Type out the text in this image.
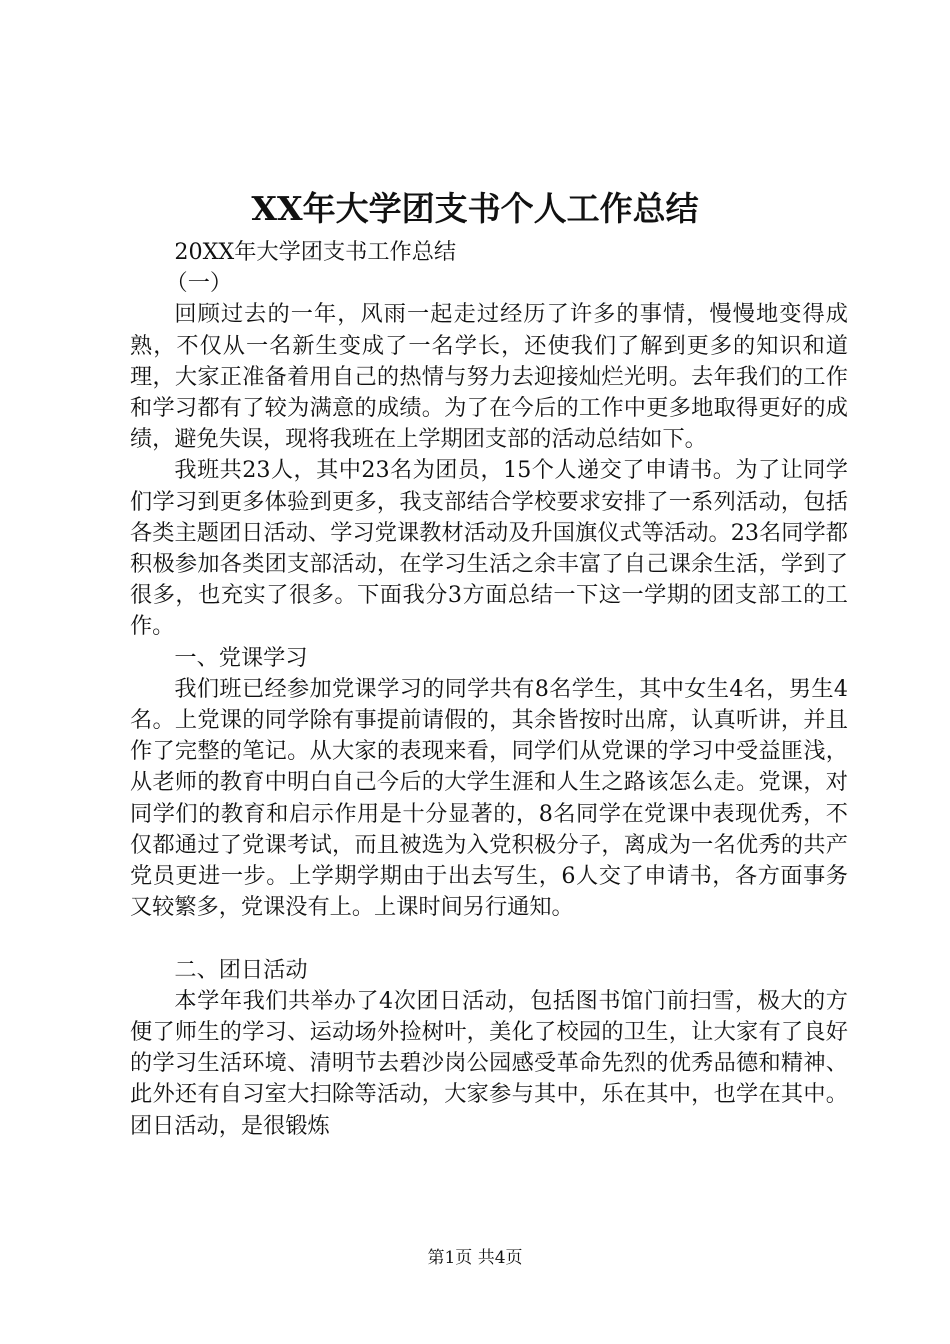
XX年大学团支书个人工作总结

20XX年大学团支书工作总结

（一）

回顾过去的一年，风雨一起走过经历了许多的事情，慢慢地变得成熟，不仅从一名新生变成了一名学长，还使我们了解到更多的知识和道理，大家正准备着用自己的热情与努力去迎接灿烂光明。去年我们的工作和学习都有了较为满意的成绩。为了在今后的工作中更多地取得更好的成绩，避免失误，现将我班在上学期团支部的活动总结如下。

我班共23人，其中23名为团员，15个人递交了申请书。为了让同学们学习到更多体验到更多，我支部结合学校要求安排了一系列活动，包括各类主题团日活动、学习党课教材活动及升国旗仪式等活动。23名同学都积极参加各类团支部活动，在学习生活之余丰富了自己课余生活，学到了很多，也充实了很多。下面我分3方面总结一下这一学期的团支部工的工作。

一、党课学习

我们班已经参加党课学习的同学共有8名学生，其中女生4名，男生4名。上党课的同学除有事提前请假的，其余皆按时出席，认真听讲，并且作了完整的笔记。从大家的表现来看，同学们从党课的学习中受益匪浅，从老师的教育中明白自己今后的大学生涯和人生之路该怎么走。党课，对同学们的教育和启示作用是十分显著的，8名同学在党课中表现优秀，不仅都通过了党课考试，而且被选为入党积极分子，离成为一名优秀的共产党员更进一步。上学期学期由于出去写生，6人交了申请书，各方面事务又较繁多，党课没有上。上课时间另行通知。

二、团日活动

本学年我们共举办了4次团日活动，包括图书馆门前扫雪，极大的方便了师生的学习、运动场外捡树叶，美化了校园的卫生，让大家有了良好的学习生活环境、清明节去碧沙岗公园感受革命先烈的优秀品德和精神、此外还有自习室大扫除等活动，大家参与其中，乐在其中，也学在其中。团日活动，是很锻炼

第1页 共4页
